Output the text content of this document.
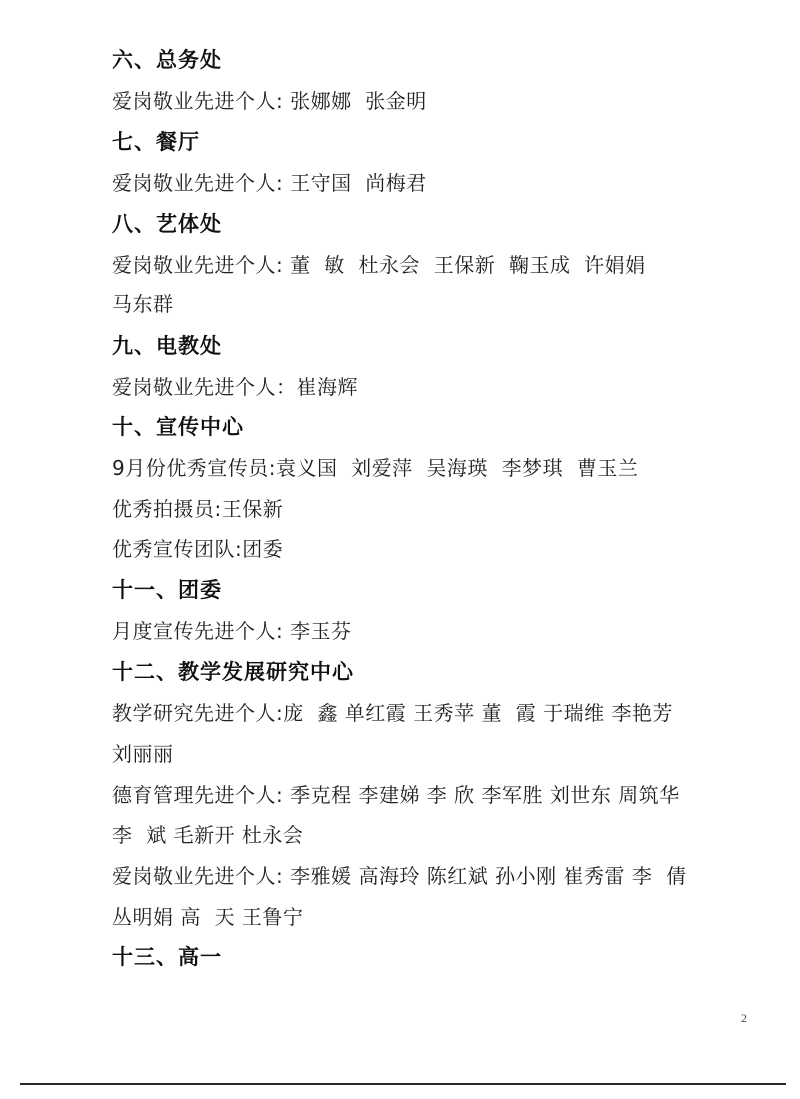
六、总务处
爱岗敬业先进个人: 张娜娜  张金明
七、餐厅
爱岗敬业先进个人: 王守国  尚梅君
八、艺体处
爱岗敬业先进个人: 董  敏  杜永会  王保新  鞠玉成  许娟娟
马东群
九、电教处
爱岗敬业先进个人：崔海辉
十、宣传中心
9月份优秀宣传员:袁义国  刘爱萍  吴海瑛  李梦琪  曹玉兰
优秀拍摄员:王保新
优秀宣传团队:团委
十一、团委
月度宣传先进个人: 李玉芬
十二、教学发展研究中心
教学研究先进个人:庞  鑫 单红霞 王秀苹 董  霞 于瑞维 李艳芳
刘丽丽
德育管理先进个人: 季克程 李建娣 李 欣 李军胜 刘世东 周筑华
李  斌 毛新开 杜永会
爱岗敬业先进个人: 李雅媛 高海玲 陈红斌 孙小刚 崔秀雷 李  倩
丛明娟 高  天 王鲁宁
十三、高一
2
